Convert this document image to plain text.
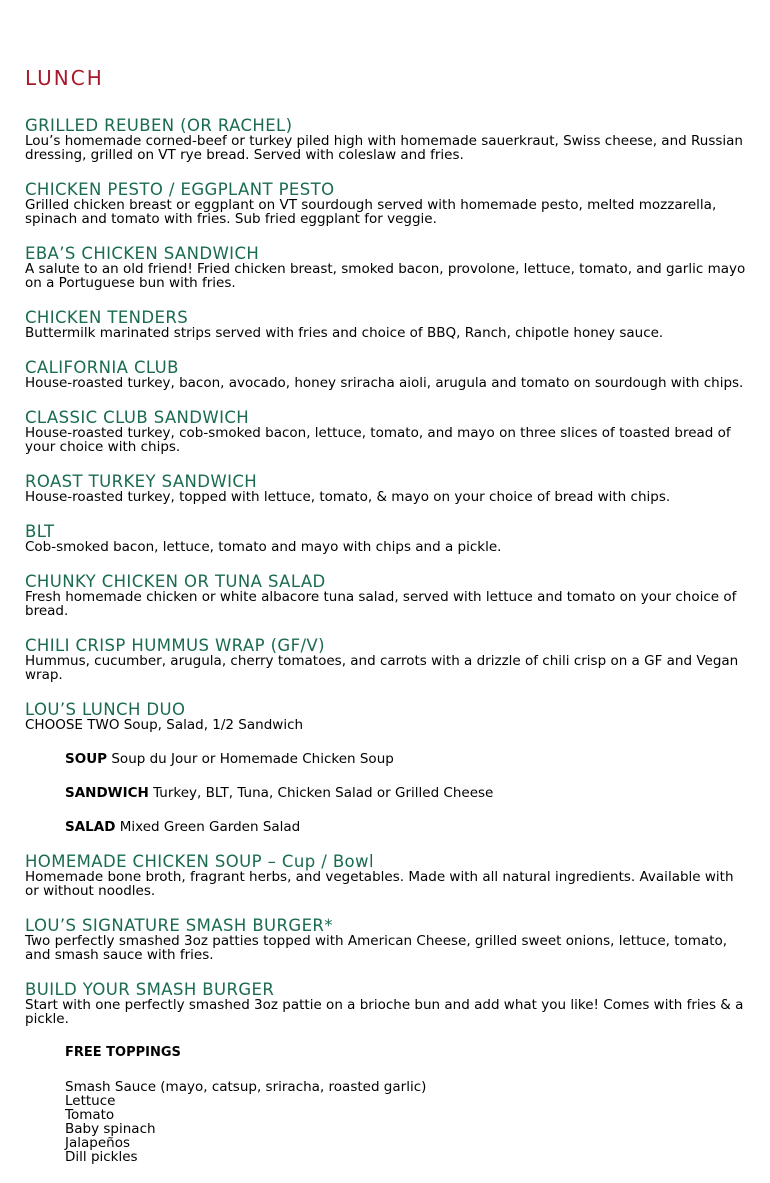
LUNCH
GRILLED REUBEN (OR RACHEL)
Lou’s homemade corned-beef or turkey piled high with homemade sauerkraut, Swiss cheese, and Russian dressing, grilled on VT rye bread. Served with coleslaw and fries.
CHICKEN PESTO / EGGPLANT PESTO
Grilled chicken breast or eggplant on VT sourdough served with homemade pesto, melted mozzarella, spinach and tomato with fries. Sub fried eggplant for veggie.
EBA’S CHICKEN SANDWICH
A salute to an old friend! Fried chicken breast, smoked bacon, provolone, lettuce, tomato, and garlic mayo on a Portuguese bun with fries.
CHICKEN TENDERS
Buttermilk marinated strips served with fries and choice of BBQ, Ranch, chipotle honey sauce.
CALIFORNIA CLUB
House-roasted turkey, bacon, avocado, honey sriracha aioli, arugula and tomato on sourdough with chips.
CLASSIC CLUB SANDWICH
House-roasted turkey, cob-smoked bacon, lettuce, tomato, and mayo on three slices of toasted bread of your choice with chips.
ROAST TURKEY SANDWICH
House-roasted turkey, topped with lettuce, tomato, & mayo on your choice of bread with chips.
BLT
Cob-smoked bacon, lettuce, tomato and mayo with chips and a pickle.
CHUNKY CHICKEN OR TUNA SALAD
Fresh homemade chicken or white albacore tuna salad, served with lettuce and tomato on your choice of bread.
CHILI CRISP HUMMUS WRAP (GF/V)
Hummus, cucumber, arugula, cherry tomatoes, and carrots with a drizzle of chili crisp on a GF and Vegan wrap.
LOU’S LUNCH DUO
CHOOSE TWO Soup, Salad, 1/2 Sandwich
SOUP Soup du Jour or Homemade Chicken Soup
SANDWICH Turkey, BLT, Tuna, Chicken Salad or Grilled Cheese
SALAD Mixed Green Garden Salad
HOMEMADE CHICKEN SOUP – Cup / Bowl
Homemade bone broth, fragrant herbs, and vegetables. Made with all natural ingredients. Available with or without noodles.
LOU’S SIGNATURE SMASH BURGER*
Two perfectly smashed 3oz patties topped with American Cheese, grilled sweet onions, lettuce, tomato, and smash sauce with fries.
BUILD YOUR SMASH BURGER
Start with one perfectly smashed 3oz pattie on a brioche bun and add what you like! Comes with fries & a pickle.
FREE TOPPINGS
Smash Sauce (mayo, catsup, sriracha, roasted garlic)
Lettuce
Tomato
Baby spinach
Jalapeños
Dill pickles
